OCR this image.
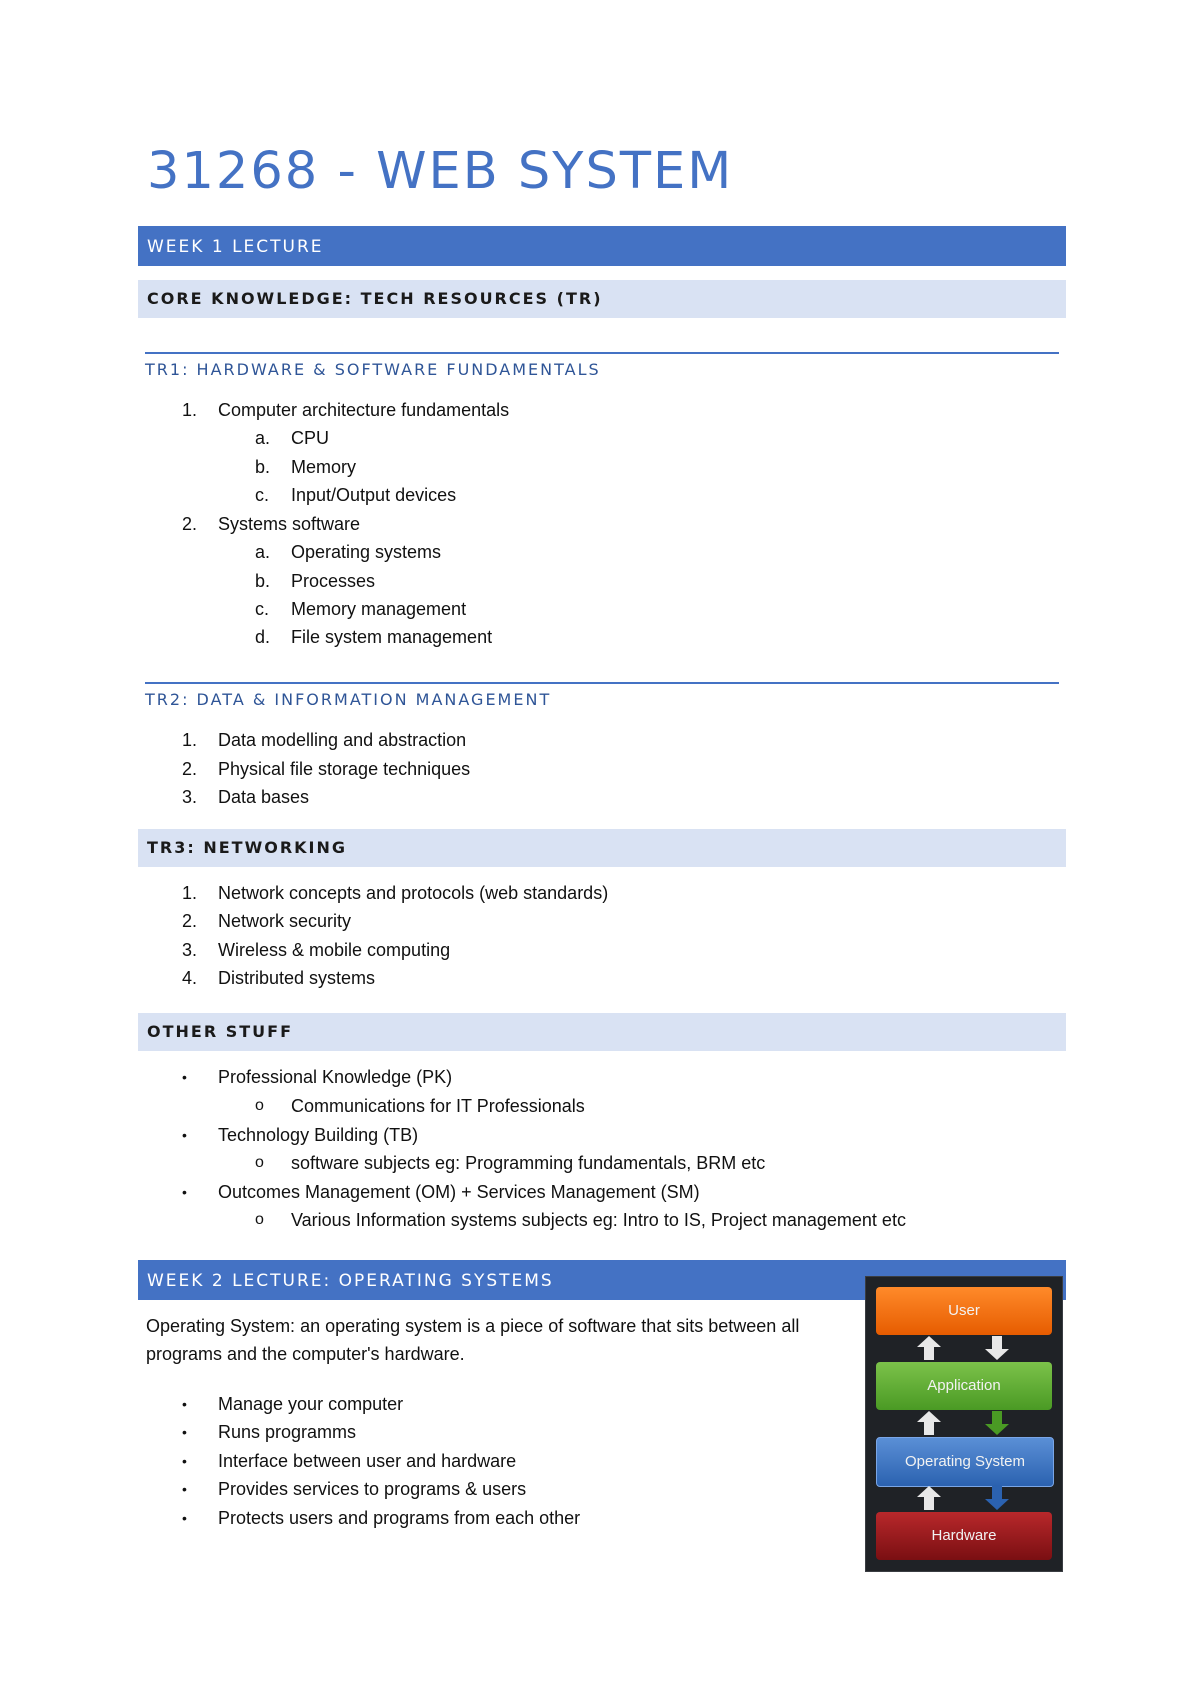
31268 - WEB SYSTEM
WEEK 1 LECTURE
CORE KNOWLEDGE: TECH RESOURCES (TR)
TR1: HARDWARE & SOFTWARE FUNDAMENTALS
1. Computer architecture fundamentals
a. CPU
b. Memory
c. Input/Output devices
2. Systems software
a. Operating systems
b. Processes
c. Memory management
d. File system management
TR2: DATA & INFORMATION MANAGEMENT
1. Data modelling and abstraction
2. Physical file storage techniques
3. Data bases
TR3: NETWORKING
1. Network concepts and protocols (web standards)
2. Network security
3. Wireless & mobile computing
4. Distributed systems
OTHER STUFF
• Professional Knowledge (PK)
o Communications for IT Professionals
• Technology Building (TB)
o software subjects eg: Programming fundamentals, BRM etc
• Outcomes Management (OM) + Services Management (SM)
o Various Information systems subjects eg: Intro to IS, Project management etc
WEEK 2 LECTURE: OPERATING SYSTEMS
Operating System: an operating system is a piece of software that sits between all
programs and the computer's hardware.
• Manage your computer
• Runs programms
• Interface between user and hardware
• Provides services to programs & users
• Protects users and programs from each other
User
Application
Operating System
Hardware
